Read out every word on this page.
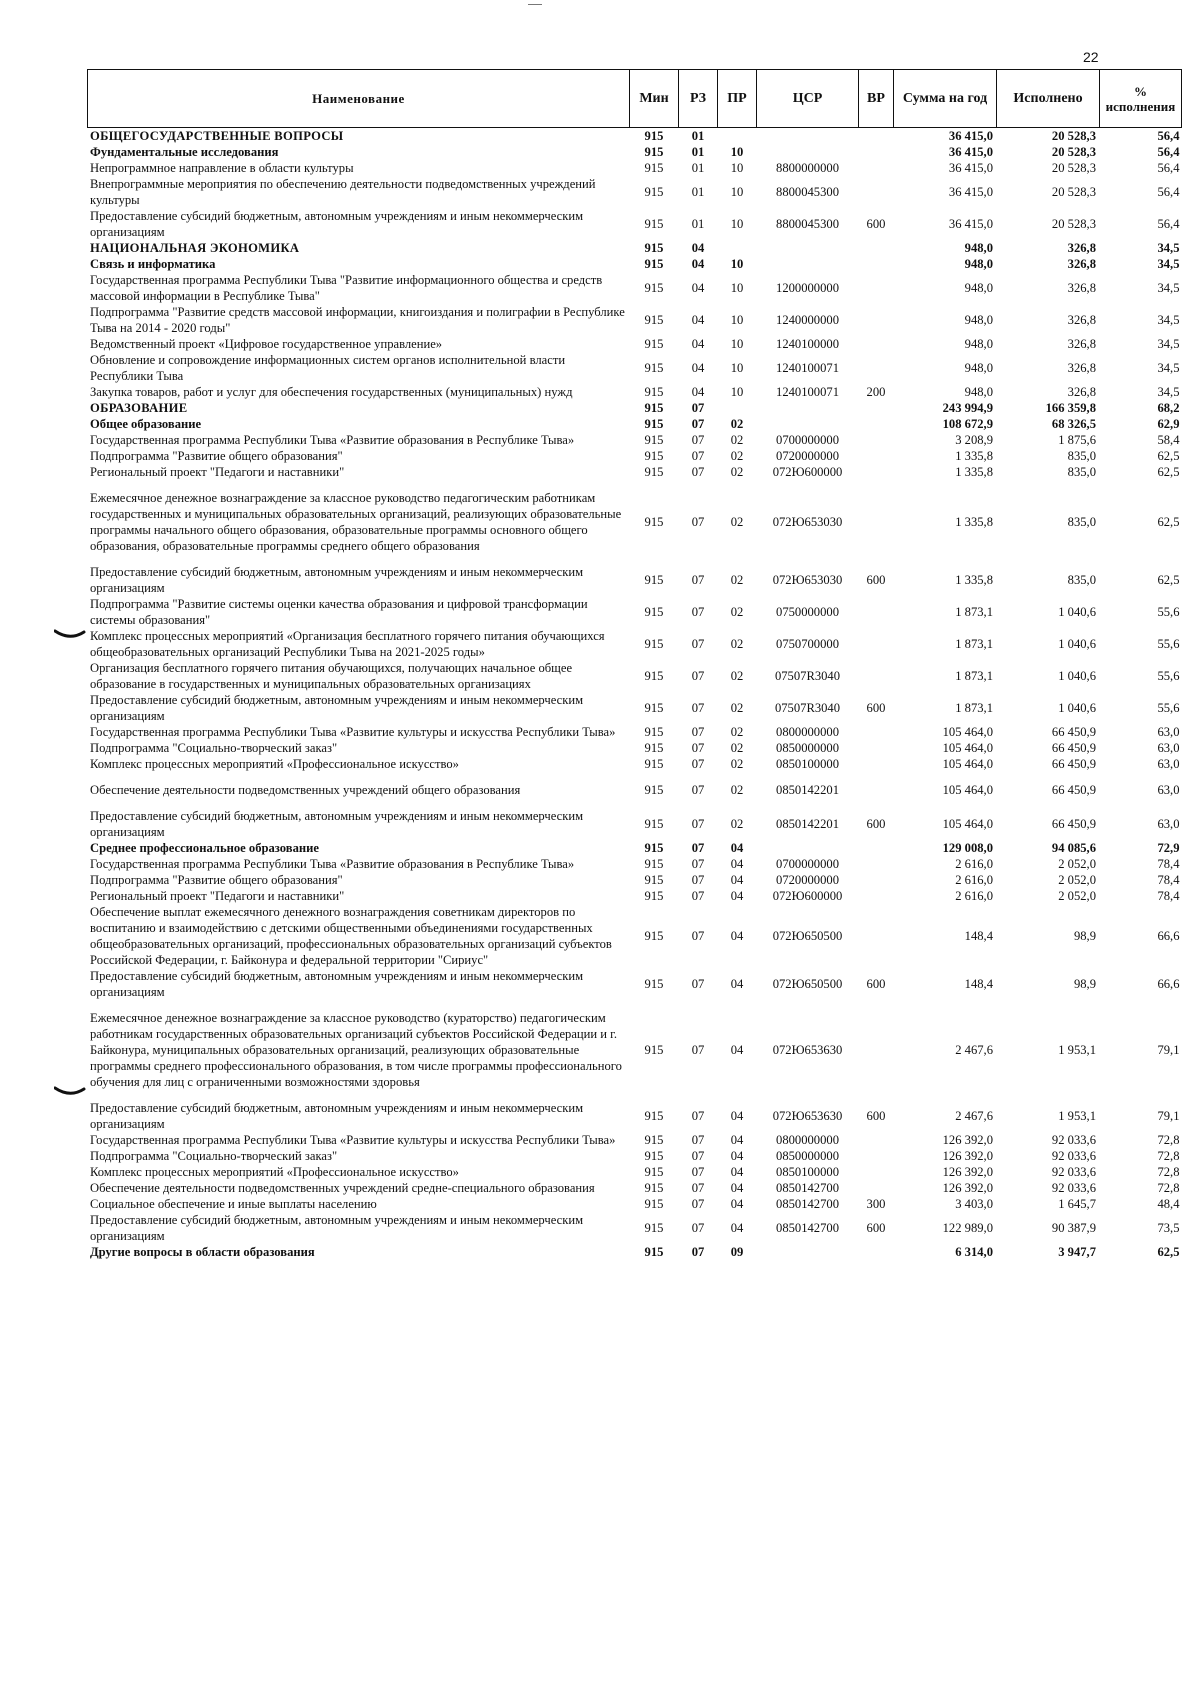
22
Наименование	Мин	РЗ	ПР	ЦСР	ВР	Сумма на год	Исполнено	% исполнения
ОБЩЕГОСУДАРСТВЕННЫЕ ВОПРОСЫ	915	01				36 415,0	20 528,3	56,4
Фундаментальные исследования	915	01	10			36 415,0	20 528,3	56,4
Непрограммное направление в области культуры	915	01	10	8800000000		36 415,0	20 528,3	56,4
Внепрограммные мероприятия по обеспечению деятельности подведомственных учреждений культуры	915	01	10	8800045300		36 415,0	20 528,3	56,4
Предоставление субсидий бюджетным, автономным учреждениям и иным некоммерческим организациям	915	01	10	8800045300	600	36 415,0	20 528,3	56,4
НАЦИОНАЛЬНАЯ ЭКОНОМИКА	915	04				948,0	326,8	34,5
Связь и информатика	915	04	10			948,0	326,8	34,5
Государственная программа Республики Тыва "Развитие информационного общества и средств массовой информации в Республике Тыва"	915	04	10	1200000000		948,0	326,8	34,5
Подпрограмма "Развитие средств массовой информации, книгоиздания и полиграфии в Республике Тыва на 2014 - 2020 годы"	915	04	10	1240000000		948,0	326,8	34,5
Ведомственный проект «Цифровое государственное управление»	915	04	10	1240100000		948,0	326,8	34,5
Обновление и сопровождение информационных систем органов исполнительной власти Республики Тыва	915	04	10	1240100071		948,0	326,8	34,5
Закупка товаров, работ и услуг для обеспечения государственных (муниципальных) нужд	915	04	10	1240100071	200	948,0	326,8	34,5
ОБРАЗОВАНИЕ	915	07				243 994,9	166 359,8	68,2
Общее образование	915	07	02			108 672,9	68 326,5	62,9
Государственная программа Республики Тыва «Развитие образования в Республике Тыва»	915	07	02	0700000000		3 208,9	1 875,6	58,4
Подпрограмма "Развитие общего образования"	915	07	02	0720000000		1 335,8	835,0	62,5
Региональный проект "Педагоги и наставники"	915	07	02	072Ю600000		1 335,8	835,0	62,5
Ежемесячное денежное вознаграждение за классное руководство педагогическим работникам государственных и муниципальных образовательных организаций, реализующих образовательные программы начального общего образования, образовательные программы основного общего образования, образовательные программы среднего общего образования	915	07	02	072Ю653030		1 335,8	835,0	62,5
Предоставление субсидий бюджетным, автономным учреждениям и иным некоммерческим организациям	915	07	02	072Ю653030	600	1 335,8	835,0	62,5
Подпрограмма "Развитие системы оценки качества образования и цифровой трансформации системы образования"	915	07	02	0750000000		1 873,1	1 040,6	55,6
Комплекс процессных мероприятий «Организация бесплатного горячего питания обучающихся общеобразовательных организаций Республики Тыва на 2021-2025 годы»	915	07	02	0750700000		1 873,1	1 040,6	55,6
Организация бесплатного горячего питания обучающихся, получающих начальное общее образование в государственных и муниципальных образовательных организациях	915	07	02	07507R3040		1 873,1	1 040,6	55,6
Предоставление субсидий бюджетным, автономным учреждениям и иным некоммерческим организациям	915	07	02	07507R3040	600	1 873,1	1 040,6	55,6
Государственная программа Республики Тыва «Развитие культуры и искусства Республики Тыва»	915	07	02	0800000000		105 464,0	66 450,9	63,0
Подпрограмма "Социально-творческий заказ"	915	07	02	0850000000		105 464,0	66 450,9	63,0
Комплекс процессных мероприятий «Профессиональное искусство»	915	07	02	0850100000		105 464,0	66 450,9	63,0
Обеспечение деятельности подведомственных учреждений общего образования	915	07	02	0850142201		105 464,0	66 450,9	63,0
Предоставление субсидий бюджетным, автономным учреждениям и иным некоммерческим организациям	915	07	02	0850142201	600	105 464,0	66 450,9	63,0
Среднее профессиональное образование	915	07	04			129 008,0	94 085,6	72,9
Государственная программа Республики Тыва «Развитие образования в Республике Тыва»	915	07	04	0700000000		2 616,0	2 052,0	78,4
Подпрограмма "Развитие общего образования"	915	07	04	0720000000		2 616,0	2 052,0	78,4
Региональный проект "Педагоги и наставники"	915	07	04	072Ю600000		2 616,0	2 052,0	78,4
Обеспечение выплат ежемесячного денежного вознаграждения советникам директоров по воспитанию и взаимодействию с детскими общественными объединениями государственных общеобразовательных организаций, профессиональных образовательных организаций субъектов Российской Федерации, г. Байконура и федеральной территории "Сириус"	915	07	04	072Ю650500		148,4	98,9	66,6
Предоставление субсидий бюджетным, автономным учреждениям и иным некоммерческим организациям	915	07	04	072Ю650500	600	148,4	98,9	66,6
Ежемесячное денежное вознаграждение за классное руководство (кураторство) педагогическим работникам государственных образовательных организаций субъектов Российской Федерации и г. Байконура, муниципальных образовательных организаций, реализующих образовательные программы среднего профессионального образования, в том числе программы профессионального обучения для лиц с ограниченными возможностями здоровья	915	07	04	072Ю653630		2 467,6	1 953,1	79,1
Предоставление субсидий бюджетным, автономным учреждениям и иным некоммерческим организациям	915	07	04	072Ю653630	600	2 467,6	1 953,1	79,1
Государственная программа Республики Тыва «Развитие культуры и искусства Республики Тыва»	915	07	04	0800000000		126 392,0	92 033,6	72,8
Подпрограмма "Социально-творческий заказ"	915	07	04	0850000000		126 392,0	92 033,6	72,8
Комплекс процессных мероприятий «Профессиональное искусство»	915	07	04	0850100000		126 392,0	92 033,6	72,8
Обеспечение деятельности подведомственных учреждений средне-специального образования	915	07	04	0850142700		126 392,0	92 033,6	72,8
Социальное обеспечение и иные выплаты населению	915	07	04	0850142700	300	3 403,0	1 645,7	48,4
Предоставление субсидий бюджетным, автономным учреждениям и иным некоммерческим организациям	915	07	04	0850142700	600	122 989,0	90 387,9	73,5
Другие вопросы в области образования	915	07	09			6 314,0	3 947,7	62,5
